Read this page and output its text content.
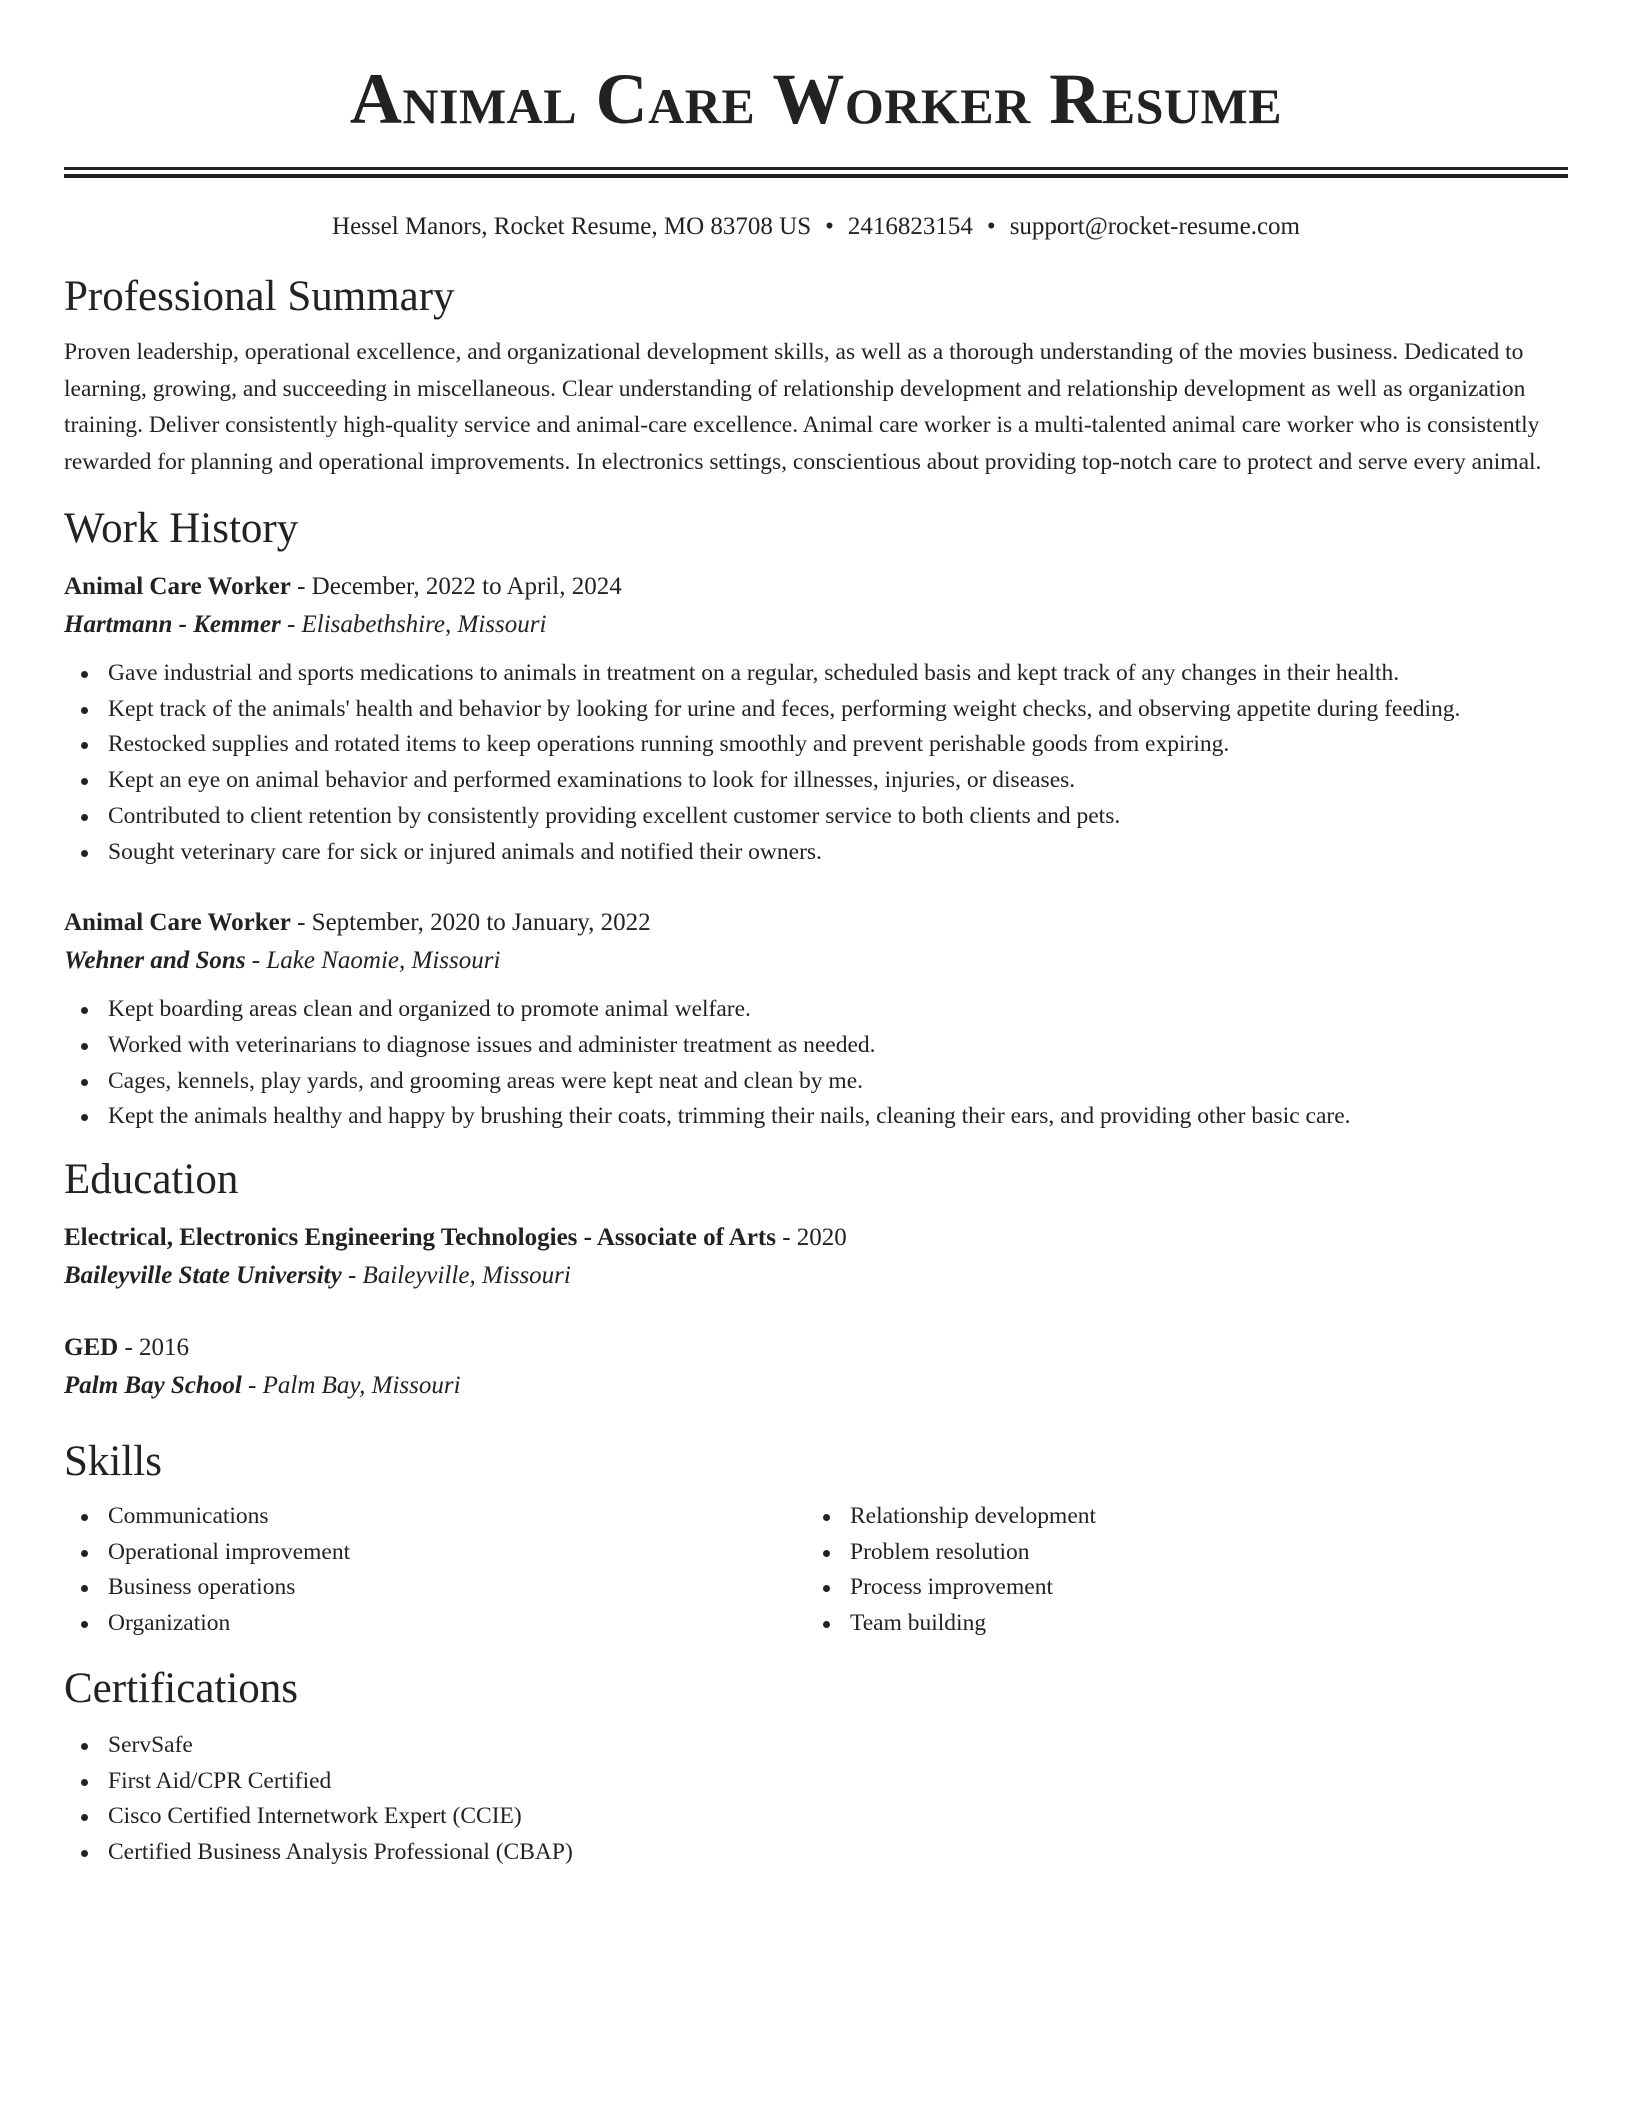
Animal Care Worker Resume
Hessel Manors, Rocket Resume, MO 83708 US • 2416823154 • support@rocket-resume.com
Professional Summary

Proven leadership, operational excellence, and organizational development skills, as well as a thorough understanding of the movies business. Dedicated to learning, growing, and succeeding in miscellaneous. Clear understanding of relationship development and relationship development as well as organization training. Deliver consistently high-quality service and animal-care excellence. Animal care worker is a multi-talented animal care worker who is consistently rewarded for planning and operational improvements. In electronics settings, conscientious about providing top-notch care to protect and serve every animal.

Work History
Animal Care Worker - December, 2022 to April, 2024
Hartmann - Kemmer - Elisabethshire, Missouri
Gave industrial and sports medications to animals in treatment on a regular, scheduled basis and kept track of any changes in their health.
Kept track of the animals' health and behavior by looking for urine and feces, performing weight checks, and observing appetite during feeding.
Restocked supplies and rotated items to keep operations running smoothly and prevent perishable goods from expiring.
Kept an eye on animal behavior and performed examinations to look for illnesses, injuries, or diseases.
Contributed to client retention by consistently providing excellent customer service to both clients and pets.
Sought veterinary care for sick or injured animals and notified their owners.
Animal Care Worker - September, 2020 to January, 2022
Wehner and Sons - Lake Naomie, Missouri
Kept boarding areas clean and organized to promote animal welfare.
Worked with veterinarians to diagnose issues and administer treatment as needed.
Cages, kennels, play yards, and grooming areas were kept neat and clean by me.
Kept the animals healthy and happy by brushing their coats, trimming their nails, cleaning their ears, and providing other basic care.
Education
Electrical, Electronics Engineering Technologies - Associate of Arts - 2020
Baileyville State University - Baileyville, Missouri
GED - 2016
Palm Bay School - Palm Bay, Missouri
Skills
Communications
Operational improvement
Business operations
Organization
Relationship development
Problem resolution
Process improvement
Team building
Certifications
ServSafe
First Aid/CPR Certified
Cisco Certified Internetwork Expert (CCIE)
Certified Business Analysis Professional (CBAP)
